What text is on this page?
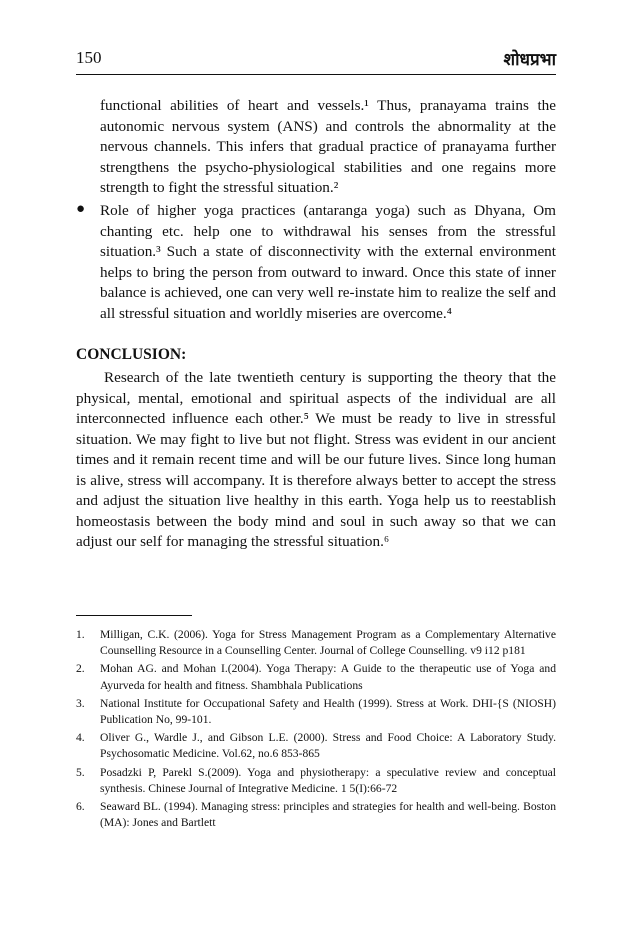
150	शोधप्रभा
functional abilities of heart and vessels.¹ Thus, pranayama trains the autonomic nervous system (ANS) and controls the abnormality at the nervous channels. This infers that gradual practice of pranayama further strengthens the psycho-physiological stabilities and one regains more strength to fight the stressful situation.²
● Role of higher yoga practices (antaranga yoga) such as Dhyana, Om chanting etc. help one to withdrawal his senses from the stressful situation.³ Such a state of disconnectivity with the external environment helps to bring the person from outward to inward. Once this state of inner balance is achieved, one can very well re-instate him to realize the self and all stressful situation and worldly miseries are overcome.⁴
CONCLUSION:
Research of the late twentieth century is supporting the theory that the physical, mental, emotional and spiritual aspects of the individual are all interconnected influence each other.⁵ We must be ready to live in stressful situation. We may fight to live but not flight. Stress was evident in our ancient times and it remain recent time and will be our future lives. Since long human is alive, stress will accompany. It is therefore always better to accept the stress and adjust the situation live healthy in this earth. Yoga help us to reestablish homeostasis between the body mind and soul in such away so that we can adjust our self for managing the stressful situation.⁶
1.	Milligan, C.K. (2006). Yoga for Stress Management Program as a Complementary Alternative Counselling Resource in a Counselling Center. Journal of College Counselling. v9 i12 p181
2.	Mohan AG. and Mohan I.(2004). Yoga Therapy: A Guide to the therapeutic use of Yoga and Ayurveda for health and fitness. Shambhala Publications
3.	National Institute for Occupational Safety and Health (1999). Stress at Work. DHI-{S (NIOSH) Publication No, 99-101.
4.	Oliver G., Wardle J., and Gibson L.E. (2000). Stress and Food Choice: A Laboratory Study. Psychosomatic Medicine. Vol.62, no.6 853-865
5.	Posadzki P, Parekl S.(2009). Yoga and physiotherapy: a speculative review and conceptual synthesis. Chinese Journal of Integrative Medicine. 1 5(I):66-72
6.	Seaward BL. (1994). Managing stress: principles and strategies for health and well-being. Boston (MA): Jones and Bartlett
